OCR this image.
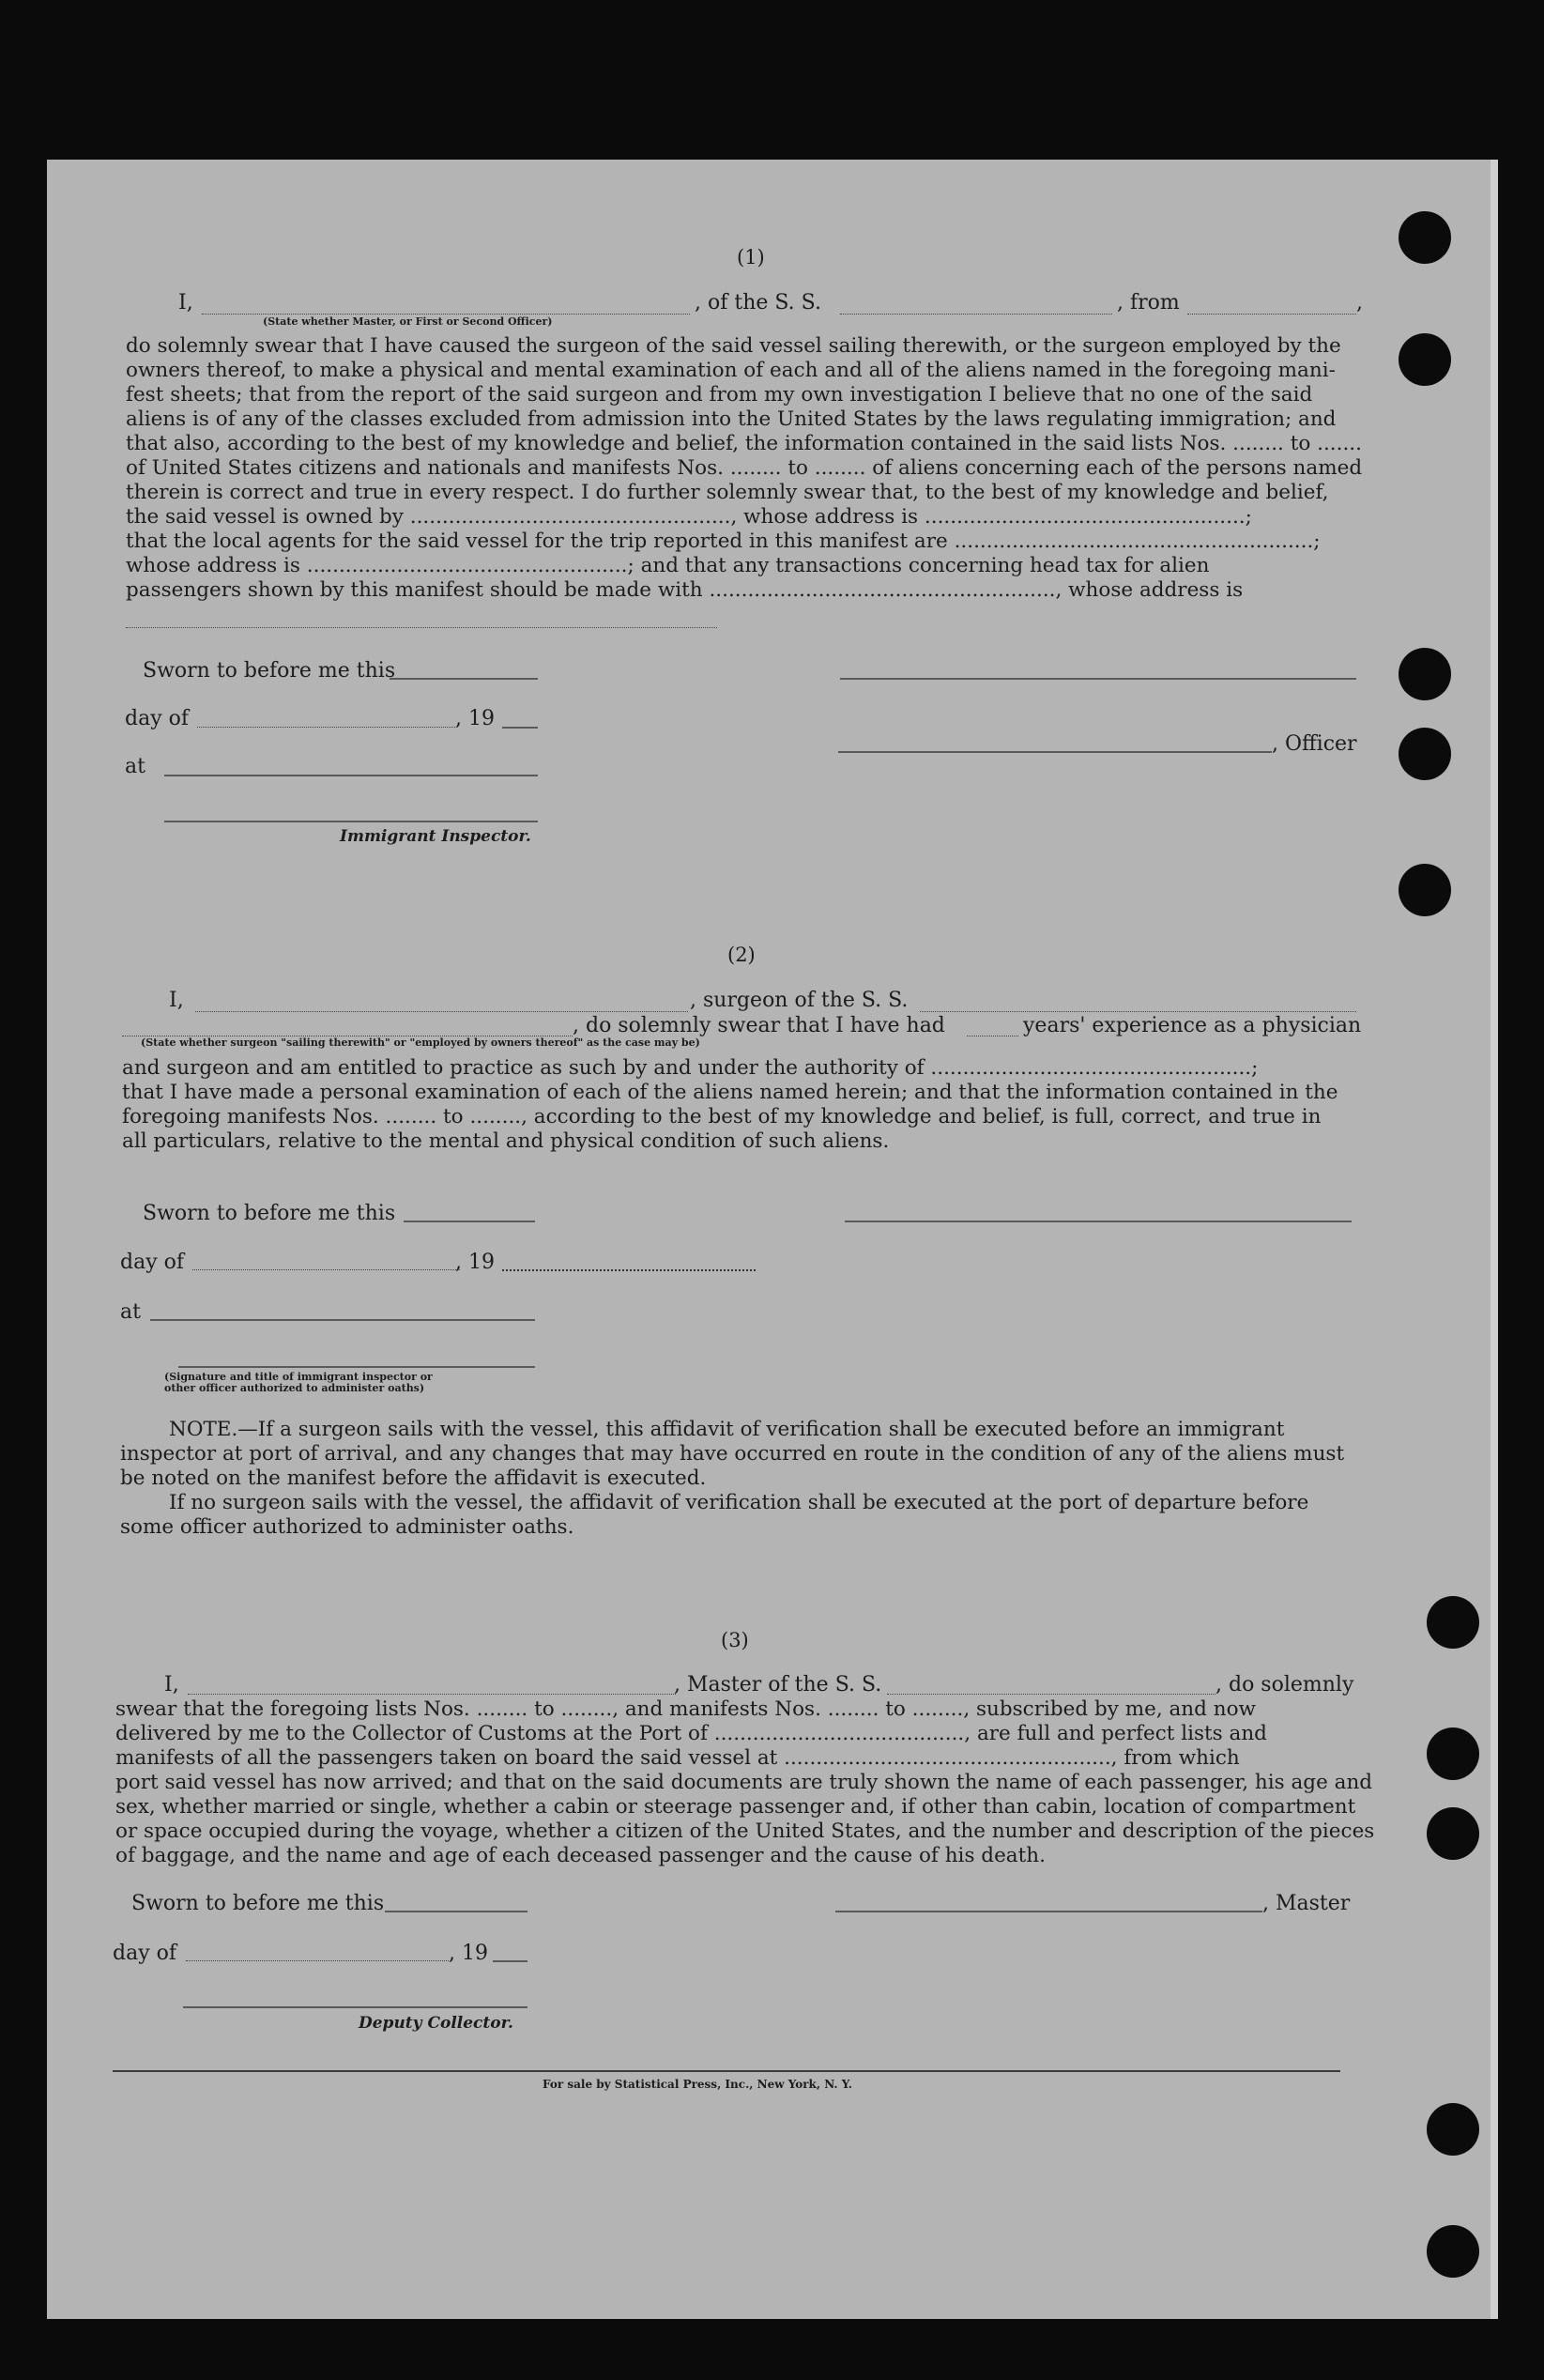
(1)
I,	, of the S. S.	, from	,
(State whether Master, or First or Second Officer)

do solemnly swear that I have caused the surgeon of the said vessel sailing therewith, or the surgeon employed by the

owners thereof, to make a physical and mental examination of each and all of the aliens named in the foregoing mani-

fest sheets; that from the report of the said surgeon and from my own investigation I believe that no one of the said

aliens is of any of the classes excluded from admission into the United States by the laws regulating immigration; and

that also, according to the best of my knowledge and belief, the information contained in the said lists Nos. ........ to .......

of United States citizens and nationals and manifests Nos. ........ to ........ of aliens concerning each of the persons named

therein is correct and true in every respect. I do further solemnly swear that, to the best of my knowledge and belief,

the said vessel is owned by .................................................., whose address is ..................................................;

that the local agents for the said vessel for the trip reported in this manifest are ........................................................;

whose address is ..................................................; and that any transactions concerning head tax for alien

passengers shown by this manifest should be made with ......................................................, whose address is

Sworn to before me this
day of	, 19
, Officer
at
Immigrant Inspector.
(2)
I,	, surgeon of the S. S.
, do solemnly swear that I have had	years' experience as a physician
(State whether surgeon "sailing therewith" or "employed by owners thereof" as the case may be)

and surgeon and am entitled to practice as such by and under the authority of ..................................................;

that I have made a personal examination of each of the aliens named herein; and that the information contained in the

foregoing manifests Nos. ........ to ........, according to the best of my knowledge and belief, is full, correct, and true in

all particulars, relative to the mental and physical condition of such aliens.

Sworn to before me this
day of	, 19
at
(Signature and title of immigrant inspector or
other officer authorized to administer oaths)

NOTE.—If a surgeon sails with the vessel, this affidavit of verification shall be executed before an immigrant

inspector at port of arrival, and any changes that may have occurred en route in the condition of any of the aliens must

be noted on the manifest before the affidavit is executed.

If no surgeon sails with the vessel, the affidavit of verification shall be executed at the port of departure before

some officer authorized to administer oaths.

(3)
I,	, Master of the S. S.	, do solemnly

swear that the foregoing lists Nos. ........ to ........, and manifests Nos. ........ to ........, subscribed by me, and now

delivered by me to the Collector of Customs at the Port of ......................................., are full and perfect lists and

manifests of all the passengers taken on board the said vessel at ..................................................., from which

port said vessel has now arrived; and that on the said documents are truly shown the name of each passenger, his age and

sex, whether married or single, whether a cabin or steerage passenger and, if other than cabin, location of compartment

or space occupied during the voyage, whether a citizen of the United States, and the number and description of the pieces

of baggage, and the name and age of each deceased passenger and the cause of his death.

Sworn to before me this	, Master
day of	, 19
Deputy Collector.
For sale by Statistical Press, Inc., New York, N. Y.
